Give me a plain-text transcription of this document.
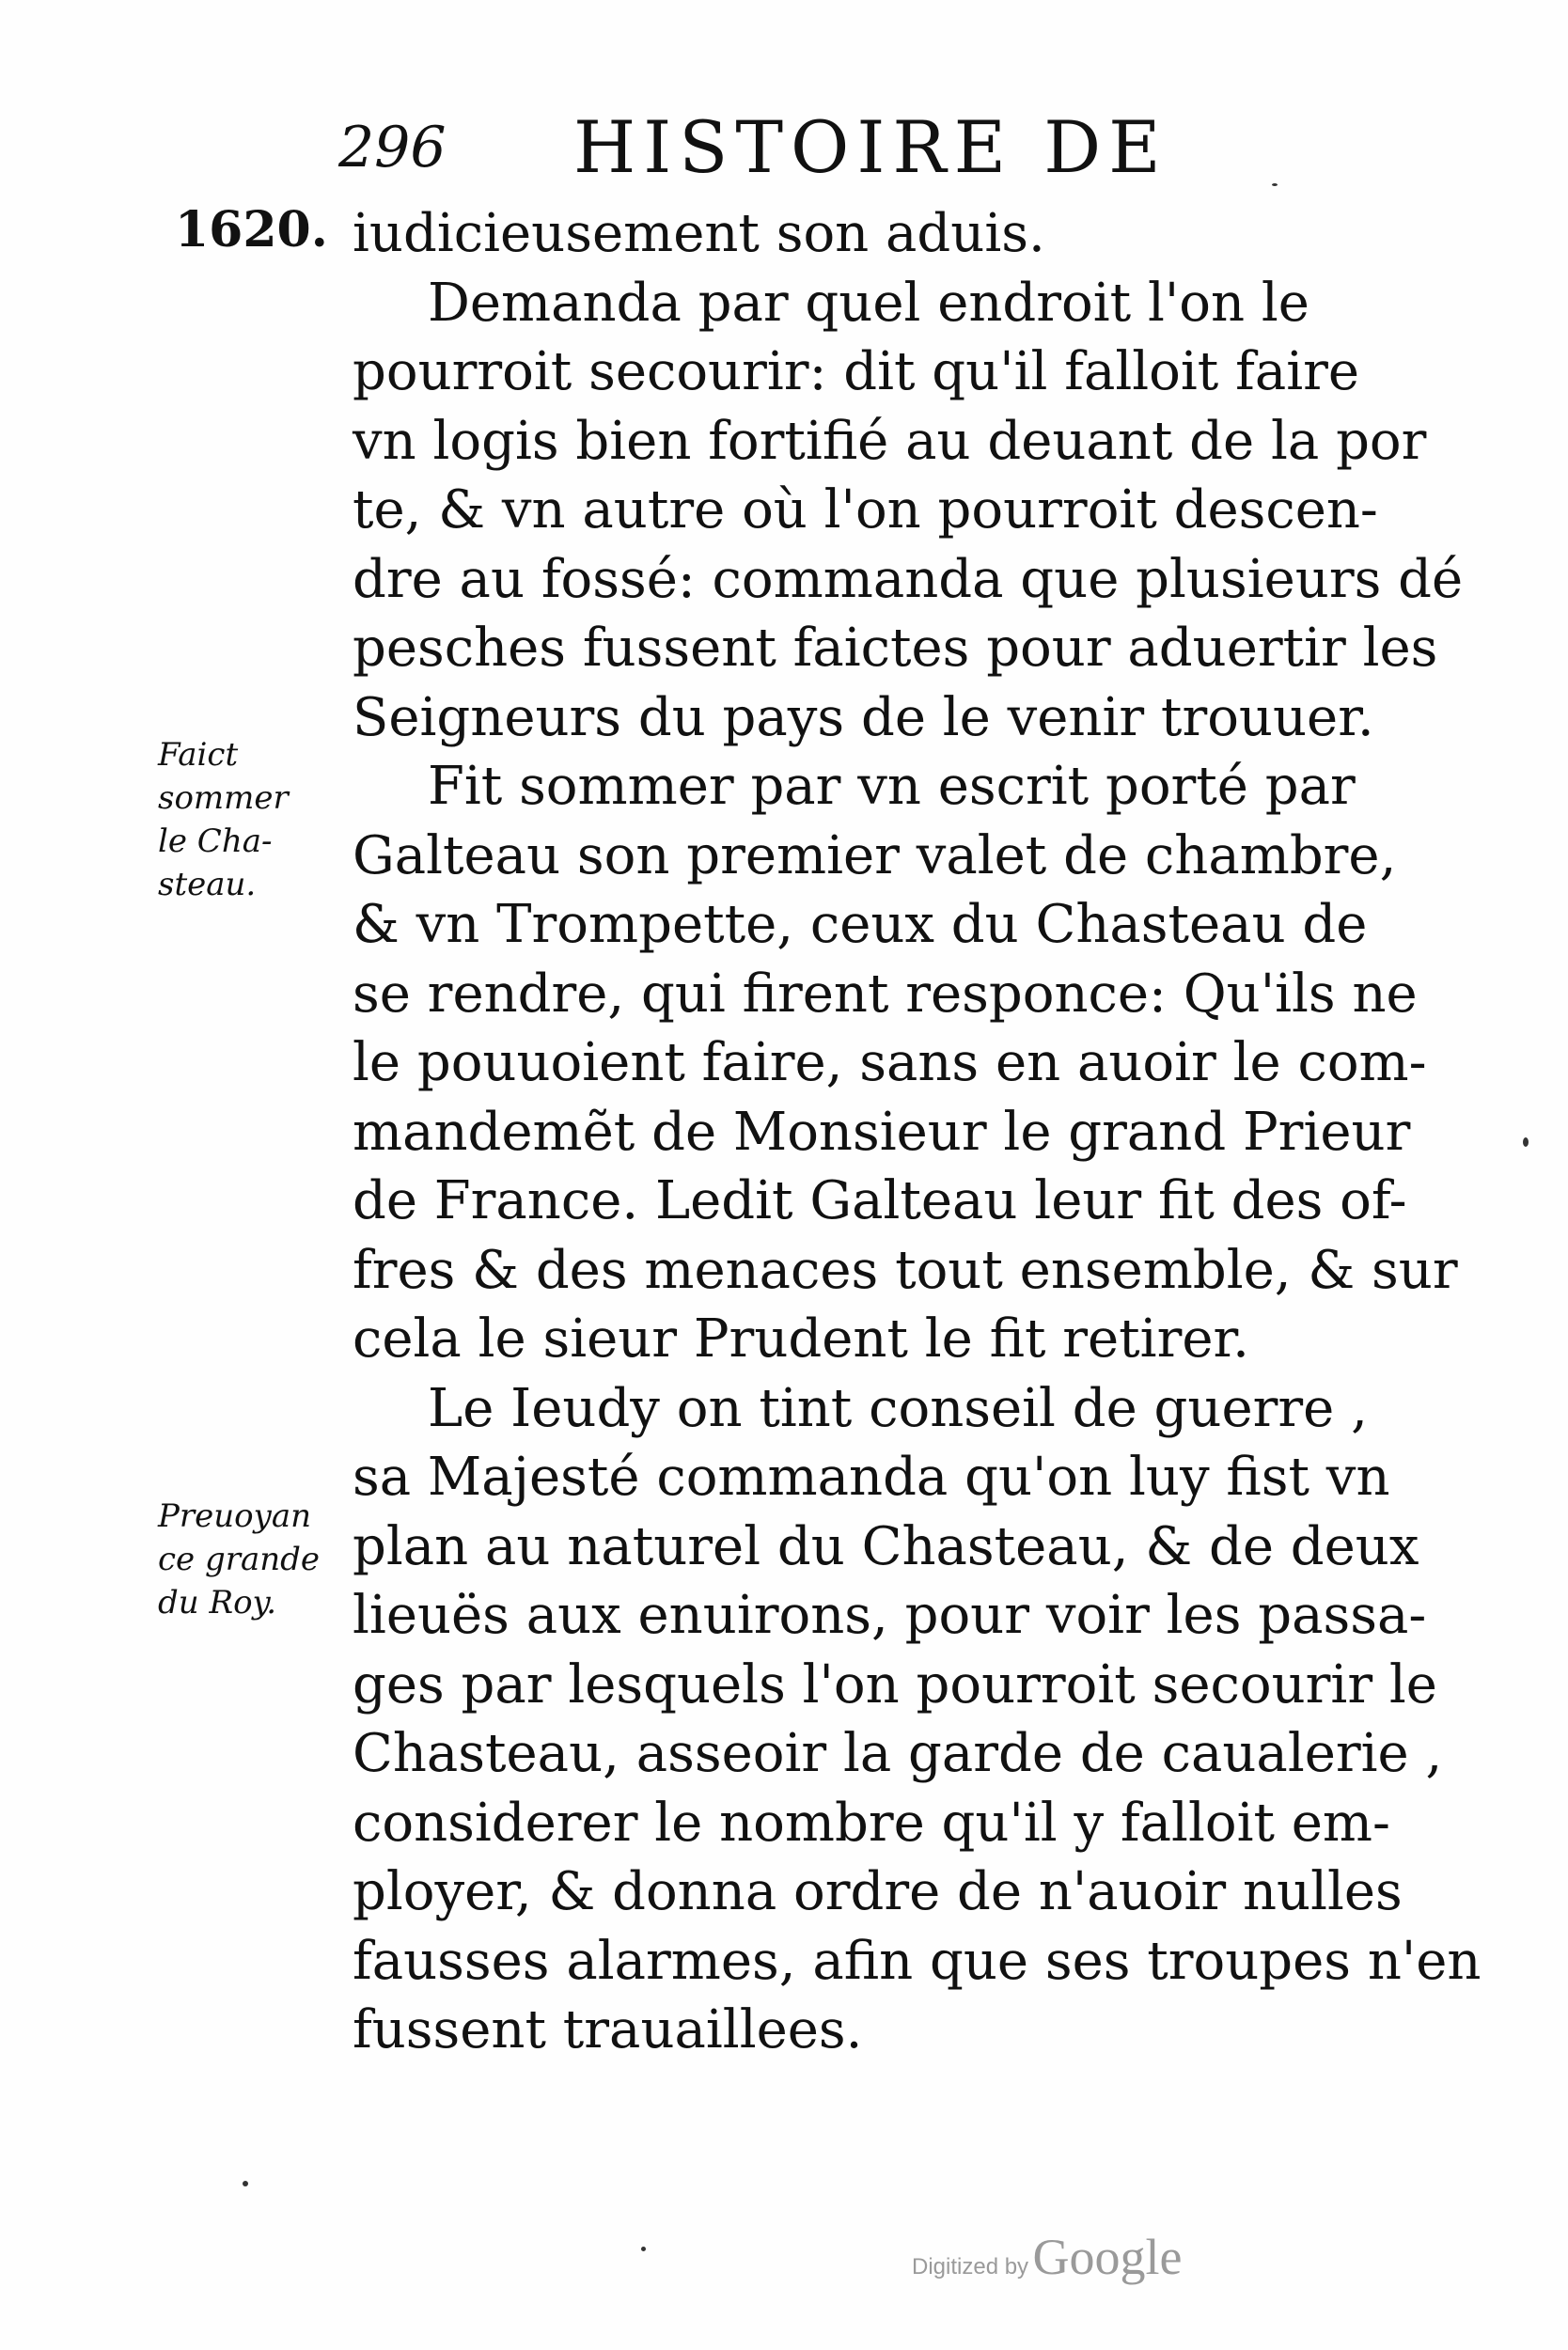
296 HISTOIRE DE
1620.
Faict
sommer
le Cha-
steau.
Preuoyan
ce grande
du Roy.
iudicieusement son aduis.
Demanda par quel endroit l'on le
pourroit secourir: dit qu'il falloit faire
vn logis bien fortifié au deuant de la por
te, & vn autre où l'on pourroit descen-
dre au fossé: commanda que plusieurs dé
pesches fussent faictes pour aduertir les
Seigneurs du pays de le venir trouuer.
Fit sommer par vn escrit porté par
Galteau son premier valet de chambre,
& vn Trompette, ceux du Chasteau de
se rendre, qui firent responce: Qu'ils ne
le pouuoient faire, sans en auoir le com-
mandemẽt de Monsieur le grand Prieur
de France. Ledit Galteau leur fit des of-
fres & des menaces tout ensemble, & sur
cela le sieur Prudent le fit retirer.
Le Ieudy on tint conseil de guerre ,
sa Majesté commanda qu'on luy fist vn
plan au naturel du Chasteau, & de deux
lieuës aux enuirons, pour voir les passa-
ges par lesquels l'on pourroit secourir le
Chasteau, asseoir la garde de caualerie ,
considerer le nombre qu'il y falloit em-
ployer, & donna ordre de n'auoir nulles
fausses alarmes, afin que ses troupes n'en
fussent trauaillees.
Digitized by Google
